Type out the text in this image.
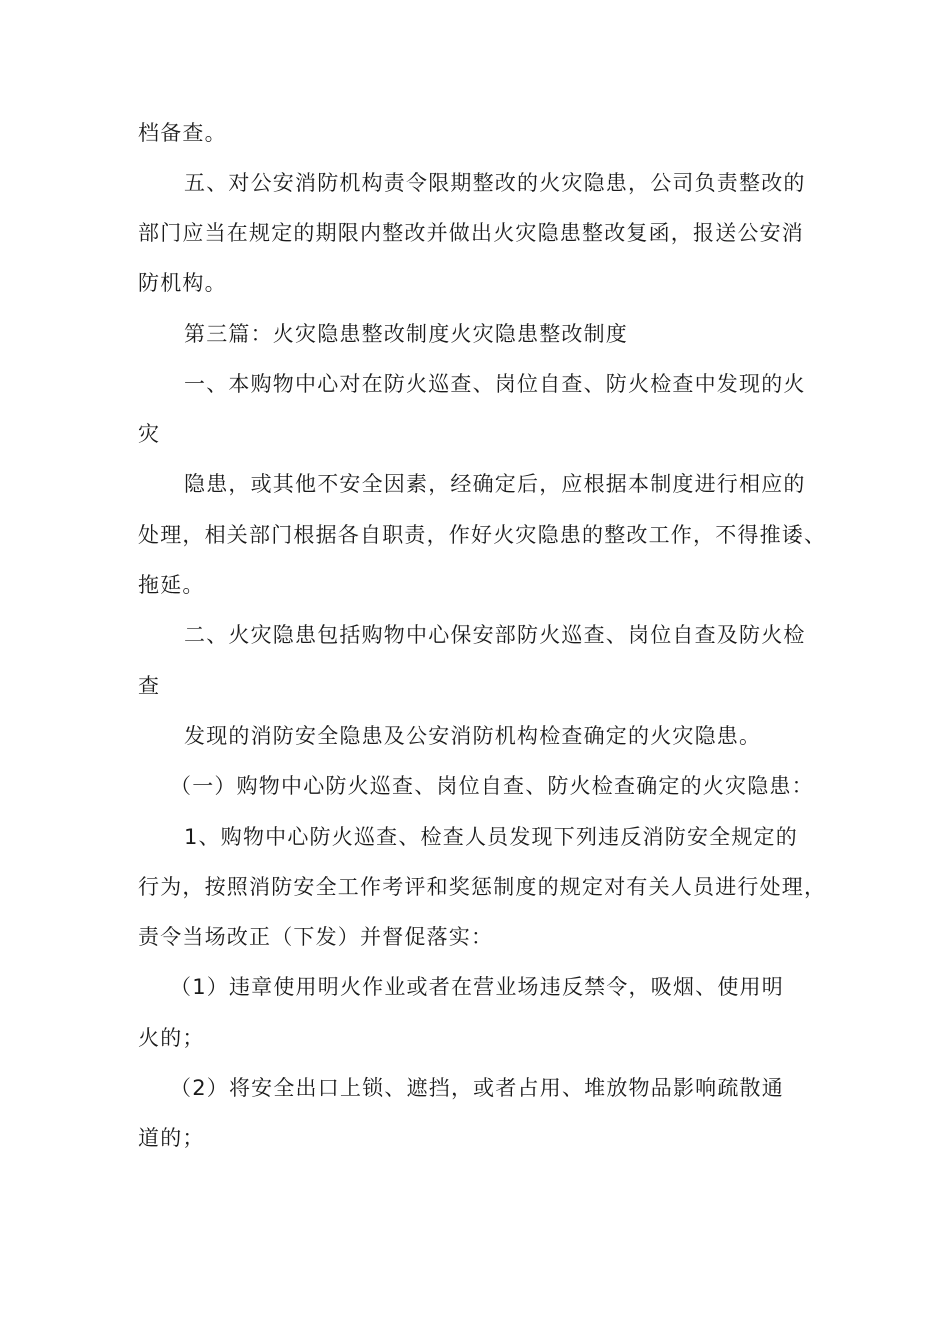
档备查。
五、对公安消防机构责令限期整改的火灾隐患，公司负责整改的
部门应当在规定的期限内整改并做出火灾隐患整改复函，报送公安消
防机构。
第三篇：火灾隐患整改制度火灾隐患整改制度
一、本购物中心对在防火巡查、岗位自查、防火检查中发现的火
灾
隐患，或其他不安全因素，经确定后，应根据本制度进行相应的
处理，相关部门根据各自职责，作好火灾隐患的整改工作，不得推诿、
拖延。
二、火灾隐患包括购物中心保安部防火巡查、岗位自查及防火检
查
发现的消防安全隐患及公安消防机构检查确定的火灾隐患。
（一）购物中心防火巡查、岗位自查、防火检查确定的火灾隐患：
1、购物中心防火巡查、检查人员发现下列违反消防安全规定的
行为，按照消防安全工作考评和奖惩制度的规定对有关人员进行处理，
责令当场改正（下发）并督促落实：
（1）违章使用明火作业或者在营业场违反禁令，吸烟、使用明
火的；
（2）将安全出口上锁、遮挡，或者占用、堆放物品影响疏散通
道的；
